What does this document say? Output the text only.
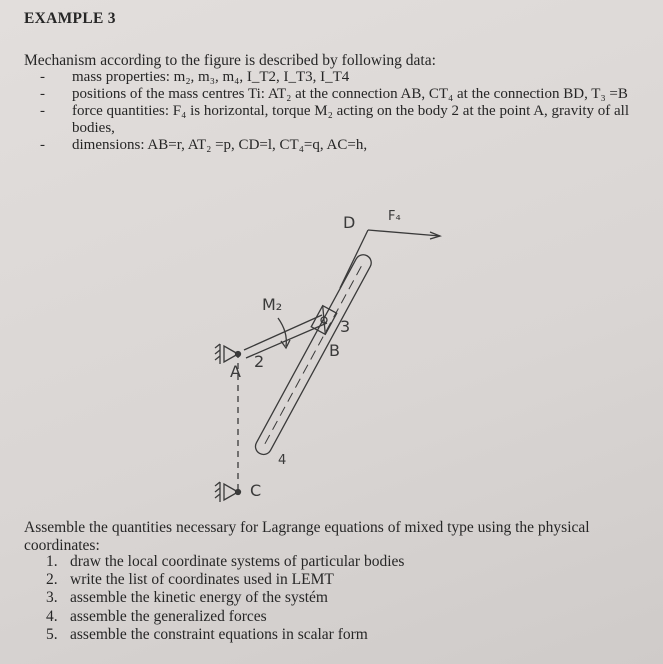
EXAMPLE 3
Mechanism according to the figure is described by following data:
- mass properties: m₂, m₃, m₄, I_T2, I_T3, I_T4
- positions of the mass centres Ti: AT₂ at the connection AB, CT₄ at the connection BD, T₃ =B
- force quantities: F₄ is horizontal, torque M₂ acting on the body 2 at the point A, gravity of all bodies,
- dimensions: AB=r, AT₂ =p, CD=l, CT₄=q, AC=h,
D	F₄
M₂
2
3
B
A
4
C
Assemble the quantities necessary for Lagrange equations of mixed type using the physical coordinates:
1. draw the local coordinate systems of particular bodies
2. write the list of coordinates used in LEMT
3. assemble the kinetic energy of the systém
4. assemble the generalized forces
5. assemble the constraint equations in scalar form
